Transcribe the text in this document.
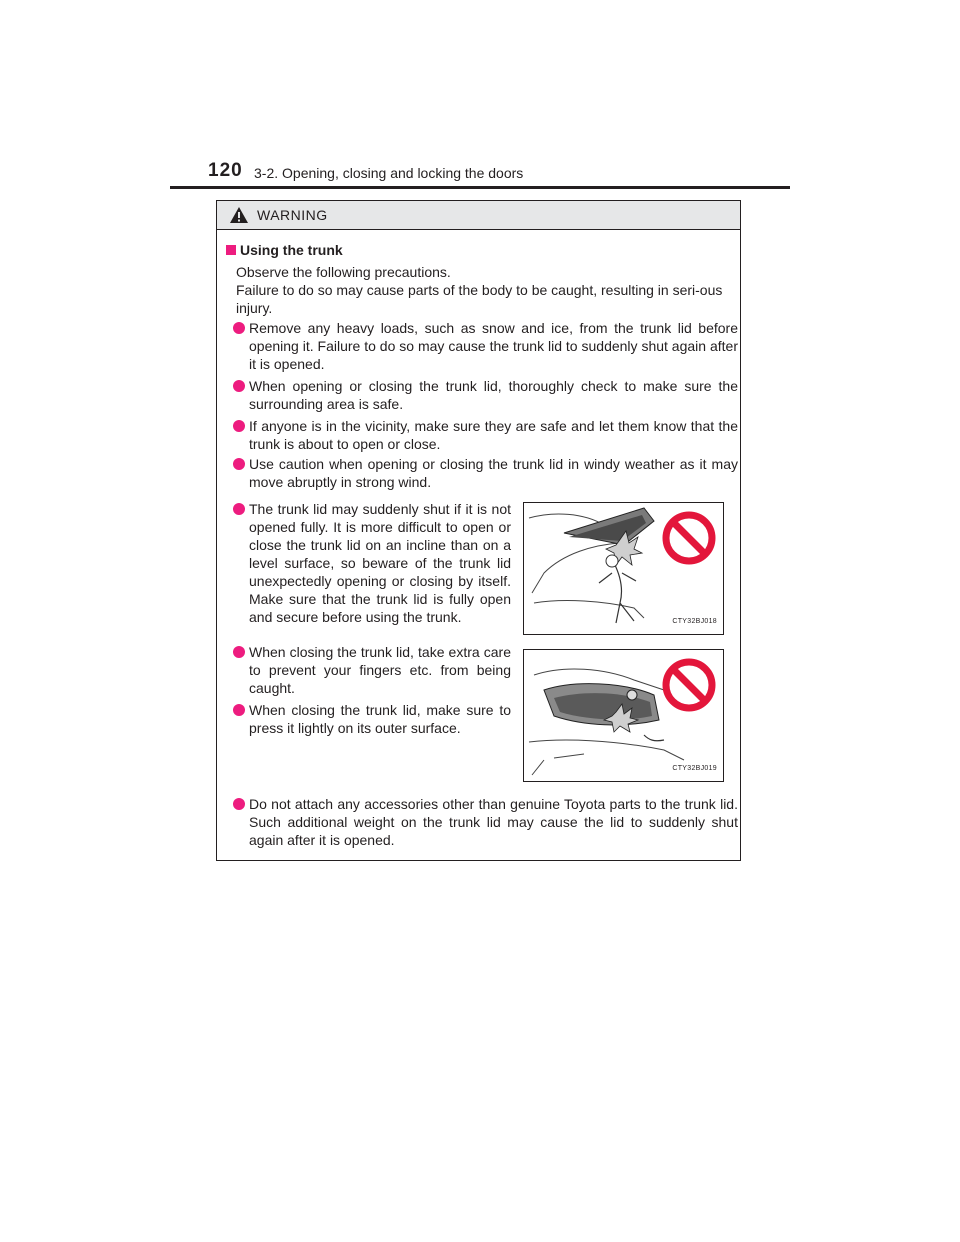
120 3-2. Opening, closing and locking the doors
WARNING
Using the trunk
Observe the following precautions.
Failure to do so may cause parts of the body to be caught, resulting in seri-ous injury.
Remove any heavy loads, such as snow and ice, from the trunk lid before opening it. Failure to do so may cause the trunk lid to suddenly shut again after it is opened.
When opening or closing the trunk lid, thoroughly check to make sure the surrounding area is safe.
If anyone is in the vicinity, make sure they are safe and let them know that the trunk is about to open or close.
Use caution when opening or closing the trunk lid in windy weather as it may move abruptly in strong wind.
The trunk lid may suddenly shut if it is not opened fully. It is more difficult to open or close the trunk lid on an incline than on a level surface, so beware of the trunk lid unexpectedly opening or closing by itself. Make sure that the trunk lid is fully open and secure before using the trunk.	CTY32BJ018
When closing the trunk lid, take extra care to prevent your fingers etc. from being caught.
When closing the trunk lid, make sure to press it lightly on its outer surface.
CTY32BJ019
Do not attach any accessories other than genuine Toyota parts to the trunk lid. Such additional weight on the trunk lid may cause the lid to suddenly shut again after it is opened.
